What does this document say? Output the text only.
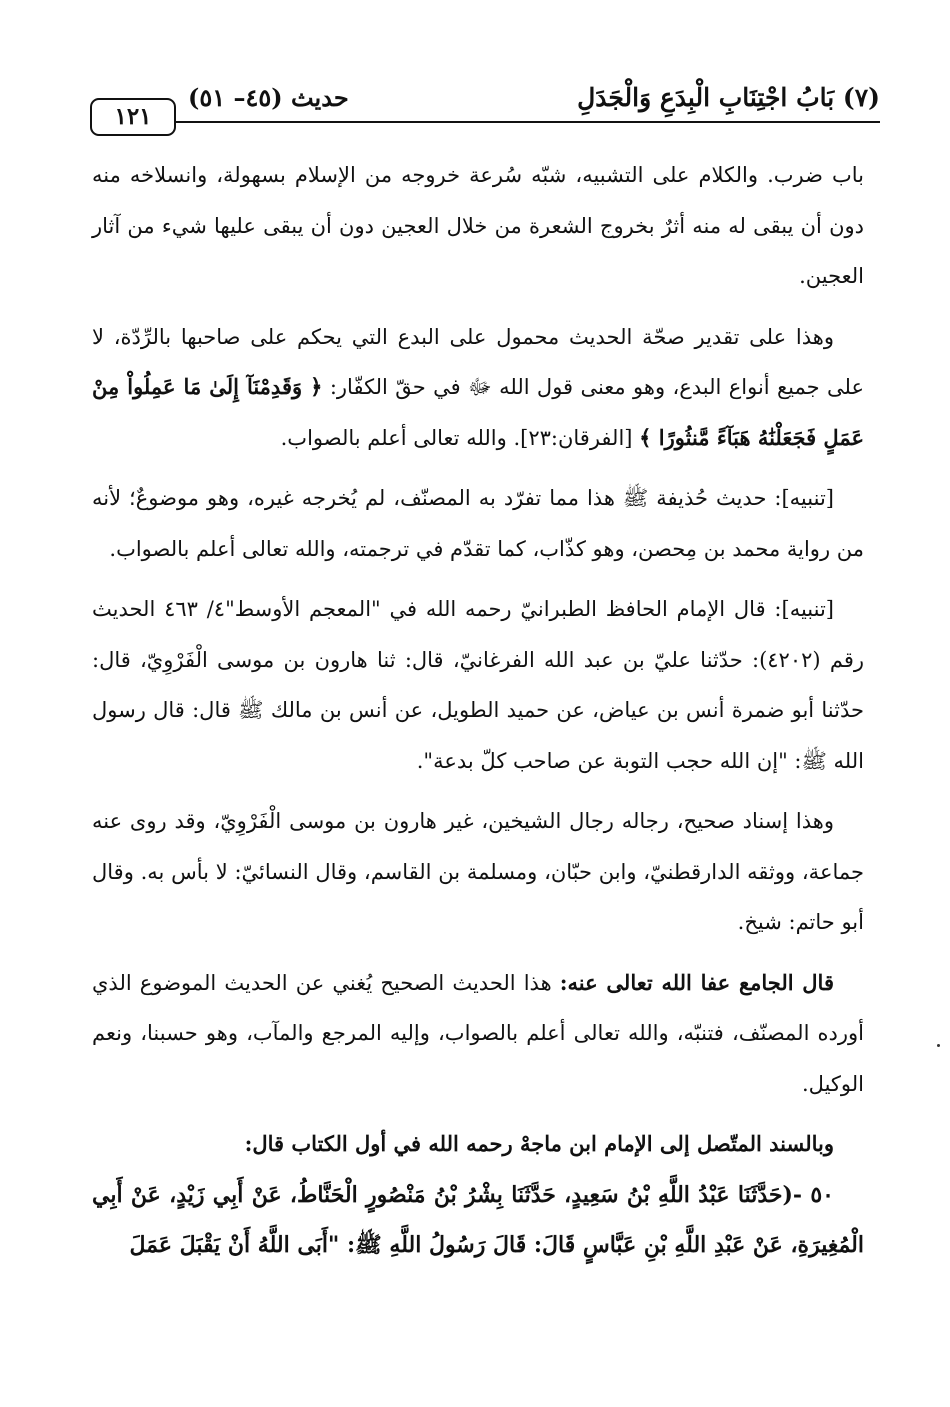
(٧) بَابُ اجْتِنَابِ الْبِدَعِ وَالْجَدَلِ
حديث (٤٥– ٥١)
١٢١

باب ضرب. والكلام على التشبيه، شبّه سُرعة خروجه من الإسلام بسهولة، وانسلاخه منه دون أن يبقى له منه أثرٌ بخروج الشعرة من خلال العجين دون أن يبقى عليها شيء من آثار العجين.

وهذا على تقدير صحّة الحديث محمول على البدع التي يحكم على صاحبها بالرِّدّة، لا على جميع أنواع البدع، وهو معنى قول الله ﷻ في حقّ الكفّار: ﴿ وَقَدِمْنَآ إِلَىٰ مَا عَمِلُواْ مِنْ عَمَلٍ فَجَعَلْنَٰهُ هَبَآءً مَّنثُورًا ﴾ [الفرقان:٢٣]. والله تعالى أعلم بالصواب.

[تنبيه]: حديث حُذيفة ﷺ هذا مما تفرّد به المصنّف، لم يُخرجه غيره، وهو موضوعٌ؛ لأنه من رواية محمد بن مِحصن، وهو كذّاب، كما تقدّم في ترجمته، والله تعالى أعلم بالصواب.

[تنبيه]: قال الإمام الحافظ الطبرانيّ رحمه الله في "المعجم الأوسط"٤/ ٤٦٣ الحديث رقم (٤٢٠٢): حدّثنا عليّ بن عبد الله الفرغانيّ، قال: ثنا هارون بن موسى الْفَرْوِيّ، قال: حدّثنا أبو ضمرة أنس بن عياض، عن حميد الطويل، عن أنس بن مالك ﷺ قال: قال رسول الله ﷺ: "إن الله حجب التوبة عن صاحب كلّ بدعة".

وهذا إسناد صحيح، رجاله رجال الشيخين، غير هارون بن موسى الْفَرْوِيّ، وقد روى عنه جماعة، ووثقه الدارقطنيّ، وابن حبّان، ومسلمة بن القاسم، وقال النسائيّ: لا بأس به. وقال أبو حاتم: شيخ.

قال الجامع عفا الله تعالى عنه: هذا الحديث الصحيح يُغني عن الحديث الموضوع الذي أورده المصنّف، فتنبّه، والله تعالى أعلم بالصواب، وإليه المرجع والمآب، وهو حسبنا، ونعم الوكيل.

وبالسند المتّصل إلى الإمام ابن ماجهْ رحمه الله في أول الكتاب قال:

٥٠ -(حَدَّثَنَا عَبْدُ اللَّهِ بْنُ سَعِيدٍ، حَدَّثَنَا بِشْرُ بْنُ مَنْصُورٍ الْحَنَّاطُ، عَنْ أَبِي زَيْدٍ، عَنْ أَبِي الْمُغِيرَةِ، عَنْ عَبْدِ اللَّهِ بْنِ عَبَّاسٍ قَالَ: قَالَ رَسُولُ اللَّهِ ﷺ: "أَبَى اللَّهُ أَنْ يَقْبَلَ عَمَلَ
